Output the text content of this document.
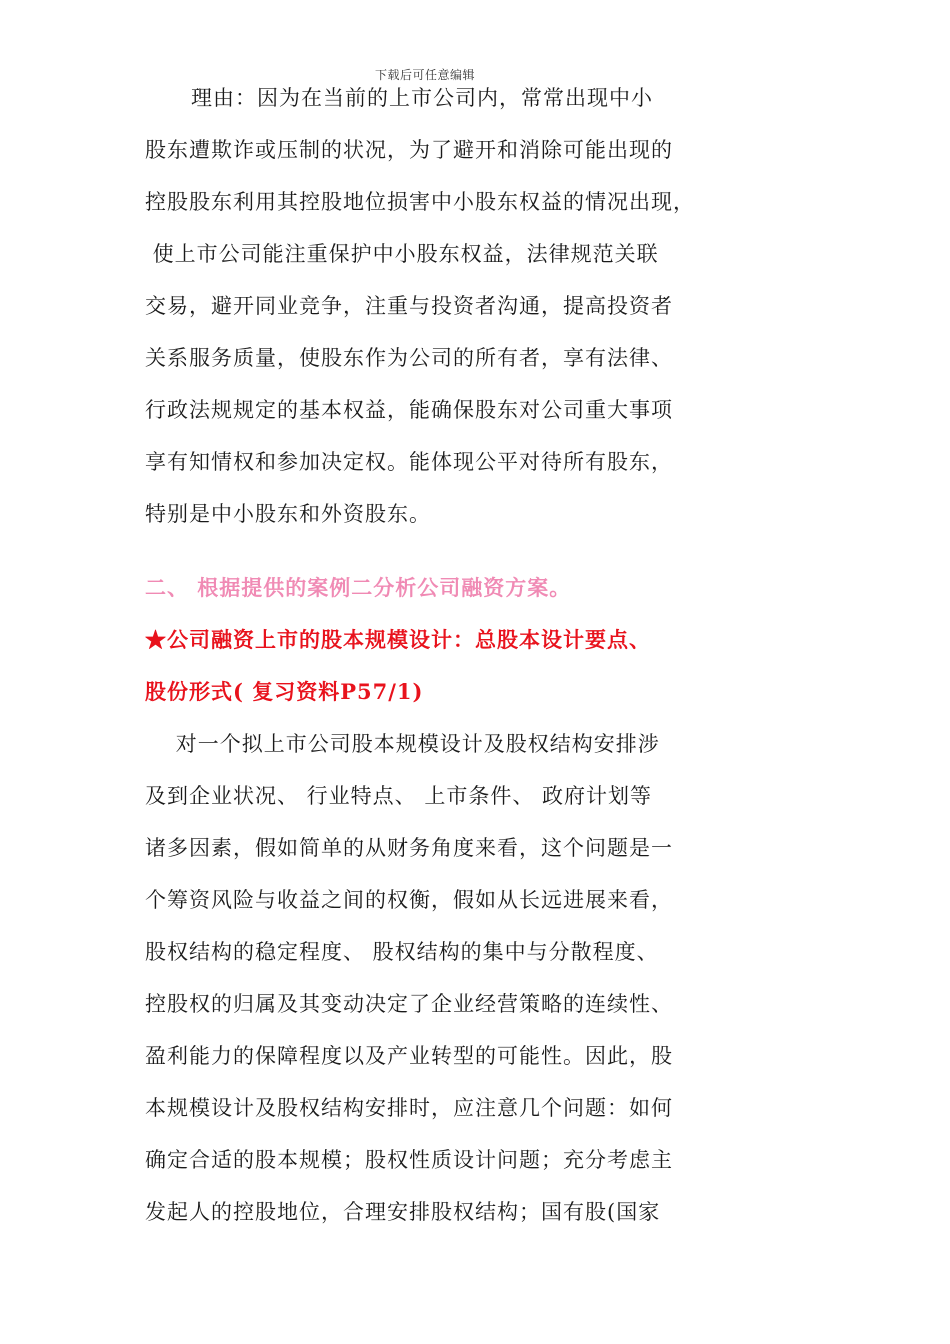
下载后可任意编辑
理由：因为在当前的上市公司内，常常出现中小
股东遭欺诈或压制的状况，为了避开和消除可能出现的
控股股东利用其控股地位损害中小股东权益的情况出现，
使上市公司能注重保护中小股东权益，法律规范关联
交易，避开同业竞争，注重与投资者沟通，提高投资者
关系服务质量，使股东作为公司的所有者，享有法律、
行政法规规定的基本权益，能确保股东对公司重大事项
享有知情权和参加决定权。能体现公平对待所有股东，
特别是中小股东和外资股东。
二、 根据提供的案例二分析公司融资方案。
★公司融资上市的股本规模设计：总股本设计要点、
股份形式( 复习资料P57/1)
对一个拟上市公司股本规模设计及股权结构安排涉
及到企业状况、 行业特点、 上市条件、 政府计划等
诸多因素，假如简单的从财务角度来看，这个问题是一
个筹资风险与收益之间的权衡，假如从长远进展来看，
股权结构的稳定程度、 股权结构的集中与分散程度、
控股权的归属及其变动决定了企业经营策略的连续性、
盈利能力的保障程度以及产业转型的可能性。因此，股
本规模设计及股权结构安排时，应注意几个问题：如何
确定合适的股本规模；股权性质设计问题；充分考虑主
发起人的控股地位，合理安排股权结构；国有股(国家
